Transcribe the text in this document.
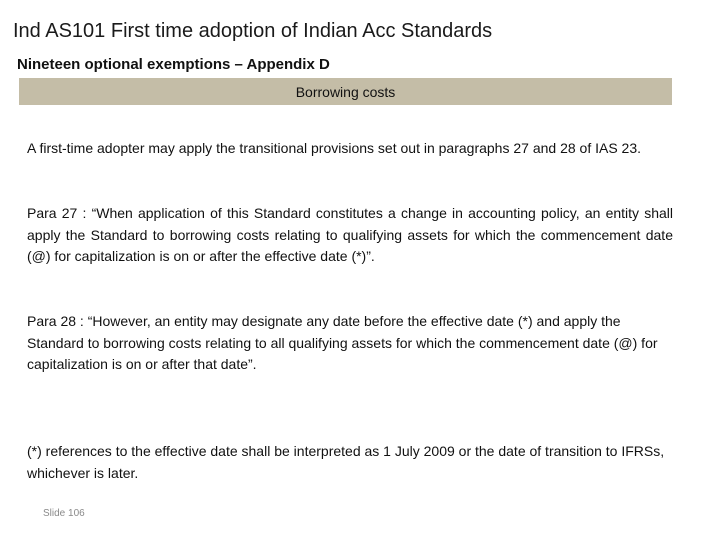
Ind AS101 First time adoption of Indian Acc Standards
Nineteen optional exemptions – Appendix D
Borrowing costs
A first-time adopter may apply the transitional provisions set out in paragraphs 27 and 28 of IAS 23.
Para 27 : “When application of this Standard constitutes a change in accounting policy, an entity shall apply the Standard to borrowing costs relating to qualifying assets for which the commencement date (@) for capitalization is on or after the effective date (*)”.
Para 28 : “However, an entity may designate any date before the effective date (*) and apply the Standard to borrowing costs relating to all qualifying assets for which the commencement date (@) for capitalization is on or after that date”.
(*) references to the effective date shall be interpreted as 1 July 2009 or the date of transition to IFRSs, whichever is later.
Slide 106
